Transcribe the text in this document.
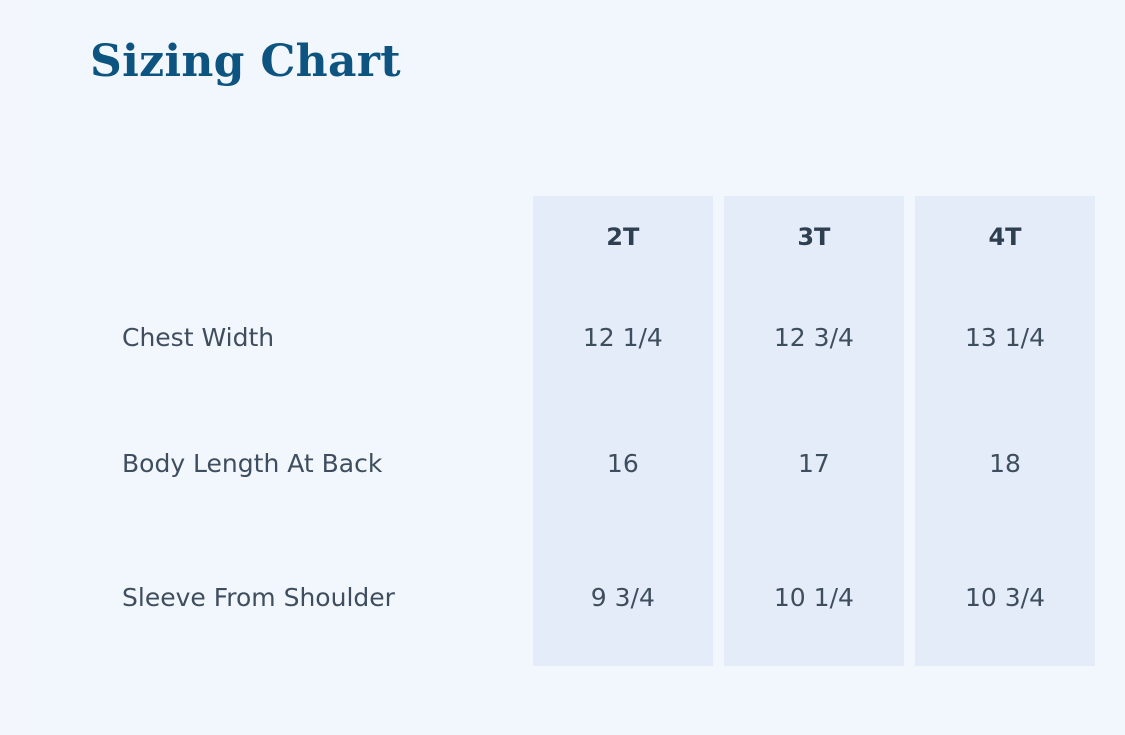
Sizing Chart
	2T		3T		4T
Chest Width	12 1/4		12 3/4		13 1/4
Body Length At Back	16		17		18
Sleeve From Shoulder	9 3/4		10 1/4		10 3/4
